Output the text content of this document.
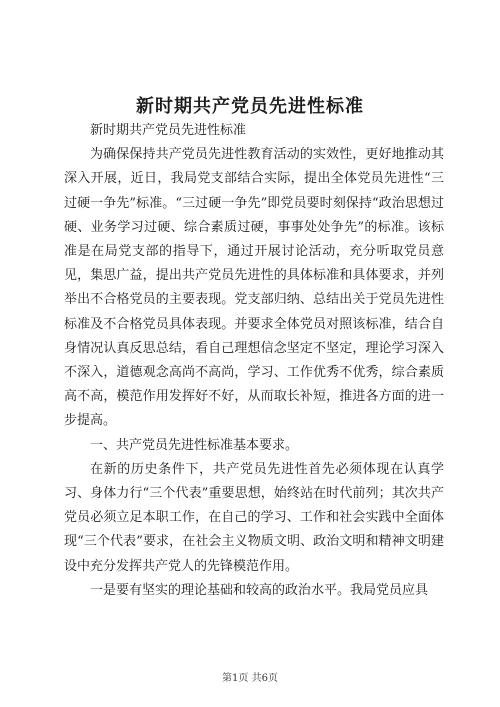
新时期共产党员先进性标准

新时期共产党员先进性标准

为确保保持共产党员先进性教育活动的实效性，更好地推动其深入开展，近日，我局党支部结合实际，提出全体党员先进性“三过硬一争先”标准。“三过硬一争先”即党员要时刻保持“政治思想过硬、业务学习过硬、综合素质过硬，事事处处争先”的标准。该标准是在局党支部的指导下，通过开展讨论活动，充分听取党员意见，集思广益，提出共产党员先进性的具体标准和具体要求，并列举出不合格党员的主要表现。党支部归纳、总结出关于党员先进性标准及不合格党员具体表现。并要求全体党员对照该标准，结合自身情况认真反思总结，看自己理想信念坚定不坚定，理论学习深入不深入，道德观念高尚不高尚，学习、工作优秀不优秀，综合素质高不高，模范作用发挥好不好，从而取长补短，推进各方面的进一步提高。

一、共产党员先进性标准基本要求。

在新的历史条件下，共产党员先进性首先必须体现在认真学习、身体力行“三个代表”重要思想，始终站在时代前列；其次共产党员必须立足本职工作，在自己的学习、工作和社会实践中全面体现“三个代表”要求，在社会主义物质文明、政治文明和精神文明建设中充分发挥共产党人的先锋模范作用。

一是要有坚实的理论基础和较高的政治水平。我局党员应具

第1页 共6页
